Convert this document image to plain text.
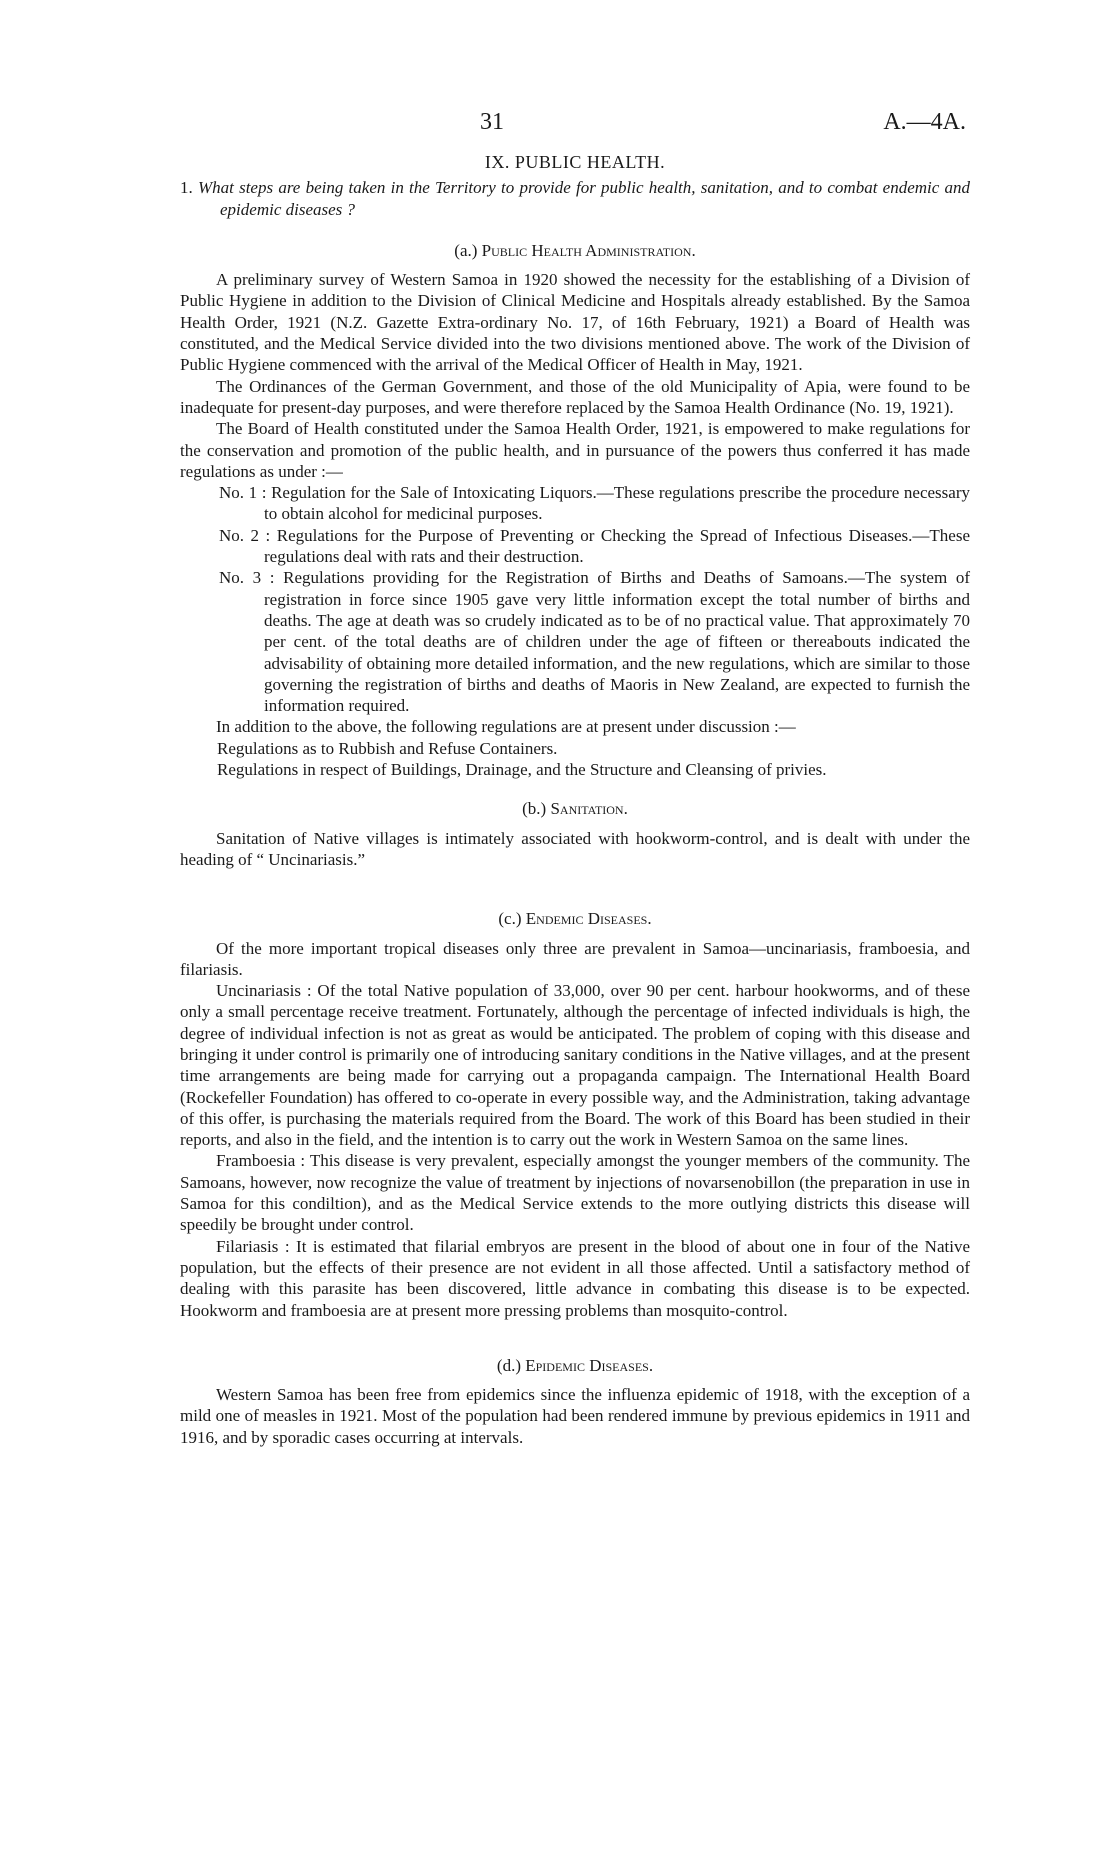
31	A.—4A.
IX. PUBLIC HEALTH.

1. What steps are being taken in the Territory to provide for public health, sanitation, and to combat endemic and epidemic diseases ?

(a.) Public Health Administration.

A preliminary survey of Western Samoa in 1920 showed the necessity for the establishing of a Division of Public Hygiene in addition to the Division of Clinical Medicine and Hospitals already established. By the Samoa Health Order, 1921 (N.Z. Gazette Extra-ordinary No. 17, of 16th February, 1921) a Board of Health was constituted, and the Medical Service divided into the two divisions mentioned above. The work of the Division of Public Hygiene commenced with the arrival of the Medical Officer of Health in May, 1921.

The Ordinances of the German Government, and those of the old Municipality of Apia, were found to be inadequate for present-day purposes, and were therefore replaced by the Samoa Health Ordinance (No. 19, 1921).

The Board of Health constituted under the Samoa Health Order, 1921, is empowered to make regulations for the conservation and promotion of the public health, and in pursuance of the powers thus conferred it has made regulations as under :—

No. 1 : Regulation for the Sale of Intoxicating Liquors.—These regulations prescribe the procedure necessary to obtain alcohol for medicinal purposes.

No. 2 : Regulations for the Purpose of Preventing or Checking the Spread of Infectious Diseases.—These regulations deal with rats and their destruction.

No. 3 : Regulations providing for the Registration of Births and Deaths of Samoans.—The system of registration in force since 1905 gave very little information except the total number of births and deaths. The age at death was so crudely indicated as to be of no practical value. That approximately 70 per cent. of the total deaths are of children under the age of fifteen or thereabouts indicated the advisability of obtaining more detailed information, and the new regulations, which are similar to those governing the registration of births and deaths of Maoris in New Zealand, are expected to furnish the information required.

In addition to the above, the following regulations are at present under discussion :—

Regulations as to Rubbish and Refuse Containers.

Regulations in respect of Buildings, Drainage, and the Structure and Cleansing of privies.

(b.) Sanitation.

Sanitation of Native villages is intimately associated with hookworm-control, and is dealt with under the heading of “ Uncinariasis.”

(c.) Endemic Diseases.

Of the more important tropical diseases only three are prevalent in Samoa—uncinariasis, framboesia, and filariasis.

Uncinariasis : Of the total Native population of 33,000, over 90 per cent. harbour hookworms, and of these only a small percentage receive treatment. Fortunately, although the percentage of infected individuals is high, the degree of individual infection is not as great as would be anticipated. The problem of coping with this disease and bringing it under control is primarily one of introducing sanitary conditions in the Native villages, and at the present time arrangements are being made for carrying out a propaganda campaign. The International Health Board (Rockefeller Foundation) has offered to co-operate in every possible way, and the Administration, taking advantage of this offer, is purchasing the materials required from the Board. The work of this Board has been studied in their reports, and also in the field, and the intention is to carry out the work in Western Samoa on the same lines.

Framboesia : This disease is very prevalent, especially amongst the younger members of the community. The Samoans, however, now recognize the value of treatment by injections of novarsenobillon (the preparation in use in Samoa for this condiltion), and as the Medical Service extends to the more outlying districts this disease will speedily be brought under control.

Filariasis : It is estimated that filarial embryos are present in the blood of about one in four of the Native population, but the effects of their presence are not evident in all those affected. Until a satisfactory method of dealing with this parasite has been discovered, little advance in combating this disease is to be expected. Hookworm and framboesia are at present more pressing problems than mosquito-control.

(d.) Epidemic Diseases.

Western Samoa has been free from epidemics since the influenza epidemic of 1918, with the exception of a mild one of measles in 1921. Most of the population had been rendered immune by previous epidemics in 1911 and 1916, and by sporadic cases occurring at intervals.
